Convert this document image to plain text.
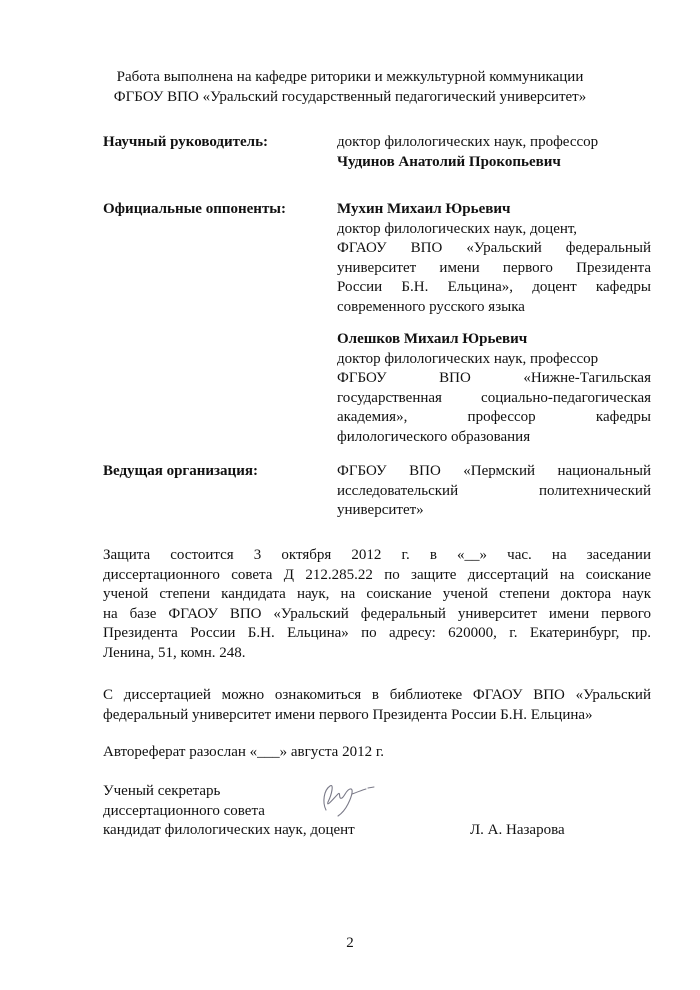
Работа выполнена на кафедре риторики и межкультурной коммуникации
ФГБОУ ВПО «Уральский государственный педагогический университет»
Научный руководитель:	доктор филологических наук, профессор
Чудинов Анатолий Прокопьевич
Официальные оппоненты:	Мухин Михаил Юрьевич
доктор филологических наук, доцент,
ФГАОУ ВПО «Уральский федеральный
университет имени первого Президента
России Б.Н. Ельцина», доцент кафедры
современного русского языка
Олешков Михаил Юрьевич
доктор филологических наук, профессор
ФГБОУ ВПО «Нижне-Тагильская
государственная социально-педагогическая
академия», профессор кафедры
филологического образования
Ведущая организация:	ФГБОУ ВПО «Пермский национальный
исследовательский политехнический
университет»
Защита состоится 3 октября 2012 г. в «__» час. на заседании
диссертационного совета Д 212.285.22 по защите диссертаций на соискание
ученой степени кандидата наук, на соискание ученой степени доктора наук
на базе ФГАОУ ВПО «Уральский федеральный университет имени первого
Президента России Б.Н. Ельцина» по адресу: 620000, г. Екатеринбург, пр.
Ленина, 51, комн. 248.
С диссертацией можно ознакомиться в библиотеке ФГАОУ ВПО «Уральский
федеральный университет имени первого Президента России Б.Н. Ельцина»
Автореферат разослан «___» августа 2012 г.
Ученый секретарь
диссертационного совета
кандидат филологических наук, доцент	Л. А. Назарова
2
